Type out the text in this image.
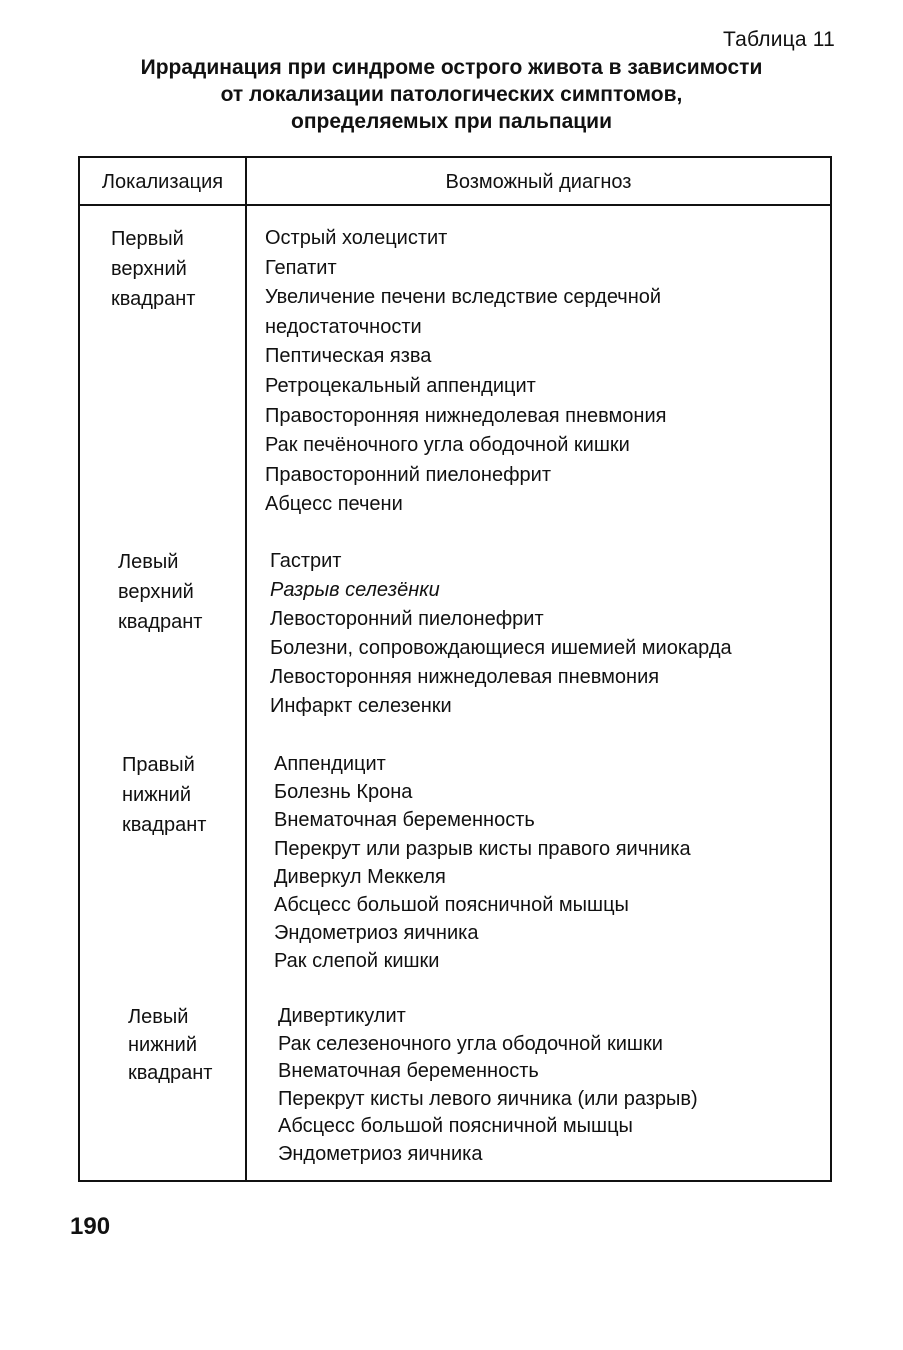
Таблица 11
Иррадинация при синдроме острого живота в зависимости
от локализации патологических симптомов,
определяемых при пальпации
Локализация	Возможный диагноз
Первый
верхний
квадрант
Острый холецистит
Гепатит
Увеличение печени вследствие сердечной
недостаточности
Пептическая язва
Ретроцекальный аппендицит
Правосторонняя нижнедолевая пневмония
Рак печёночного угла ободочной кишки
Правосторонний пиелонефрит
Абцесс печени
Левый
верхний
квадрант
Гастрит
Разрыв селезёнки
Левосторонний пиелонефрит
Болезни, сопровождающиеся ишемией миокарда
Левосторонняя нижнедолевая пневмония
Инфаркт селезенки
Правый
нижний
квадрант
Аппендицит
Болезнь Крона
Внематочная беременность
Перекрут или разрыв кисты правого яичника
Диверкул Меккеля
Абсцесс большой поясничной мышцы
Эндометриоз яичника
Рак слепой кишки
Левый
нижний
квадрант
Дивертикулит
Рак селезеночного угла ободочной кишки
Внематочная беременность
Перекрут кисты левого яичника (или разрыв)
Абсцесс большой поясничной мышцы
Эндометриоз яичника
190
